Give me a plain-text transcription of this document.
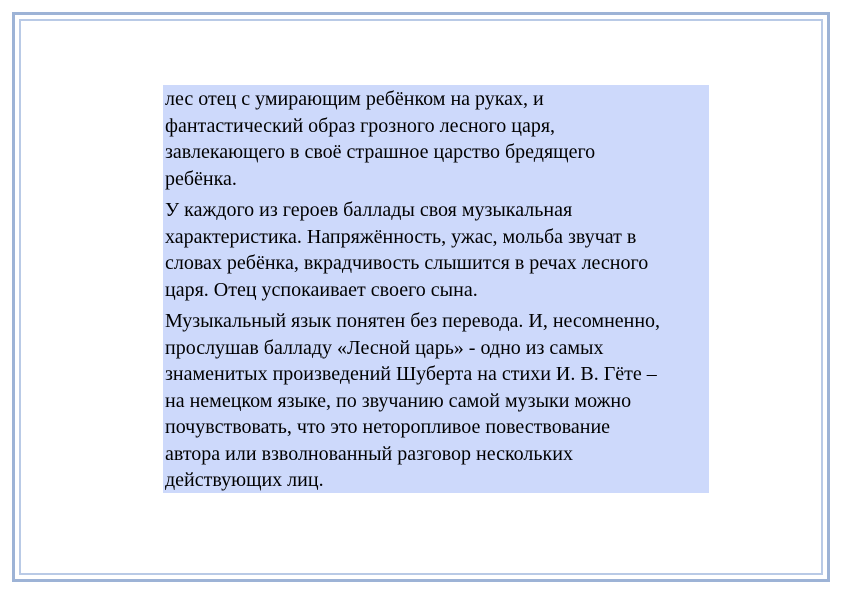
лес отец с умирающим ребёнком на руках, и
фантастический образ грозного лесного царя,
завлекающего в своё страшное царство бредящего
ребёнка.

У каждого из героев баллады своя музыкальная
характеристика. Напряжённость, ужас, мольба звучат в
словах ребёнка, вкрадчивость слышится в речах лесного
царя. Отец успокаивает своего сына.

Музыкальный язык понятен без перевода. И, несомненно,
прослушав балладу «Лесной царь» - одно из самых
знаменитых произведений Шуберта на стихи И. В. Гёте –
на немецком языке, по звучанию самой музыки можно
почувствовать, что это неторопливое повествование
автора или взволнованный разговор нескольких
действующих лиц.
